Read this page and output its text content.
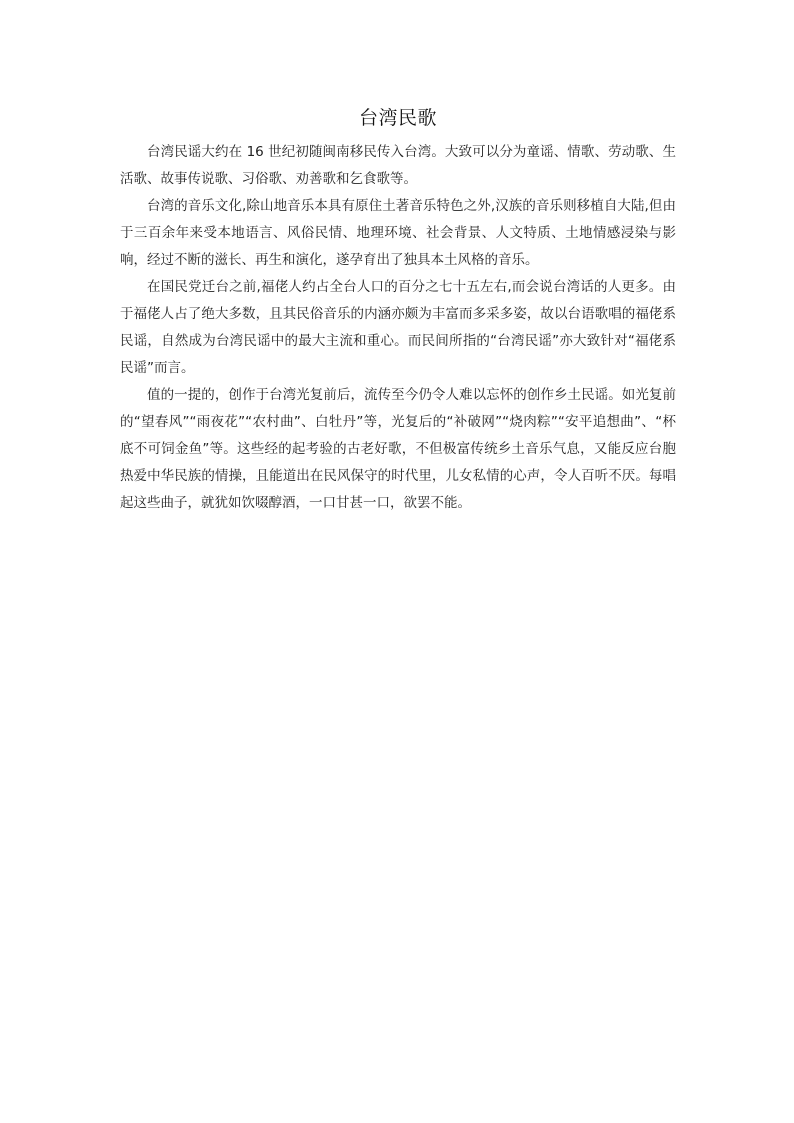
台湾民歌

台湾民谣大约在 16 世纪初随闽南移民传入台湾。大致可以分为童谣、情歌、劳动歌、生活歌、故事传说歌、习俗歌、劝善歌和乞食歌等。

台湾的音乐文化,除山地音乐本具有原住土著音乐特色之外,汉族的音乐则移植自大陆,但由于三百余年来受本地语言、风俗民情、地理环境、社会背景、人文特质、土地情感浸染与影响，经过不断的滋长、再生和演化，遂孕育出了独具本土风格的音乐。

在国民党迁台之前,福佬人约占全台人口的百分之七十五左右,而会说台湾话的人更多。由于福佬人占了绝大多数，且其民俗音乐的内涵亦颇为丰富而多采多姿，故以台语歌唱的福佬系民谣，自然成为台湾民谣中的最大主流和重心。而民间所指的“台湾民谣”亦大致针对“福佬系民谣”而言。

值的一提的，创作于台湾光复前后，流传至今仍令人难以忘怀的创作乡土民谣。如光复前的“望春风”“雨夜花”“农村曲”、白牡丹”等，光复后的“补破网”“烧肉粽”“安平追想曲”、“杯底不可饲金鱼”等。这些经的起考验的古老好歌，不但极富传统乡土音乐气息，又能反应台胞热爱中华民族的情操，且能道出在民风保守的时代里，儿女私情的心声，令人百听不厌。每唱起这些曲子，就犹如饮啜醇酒，一口甘甚一口，欲罢不能。
